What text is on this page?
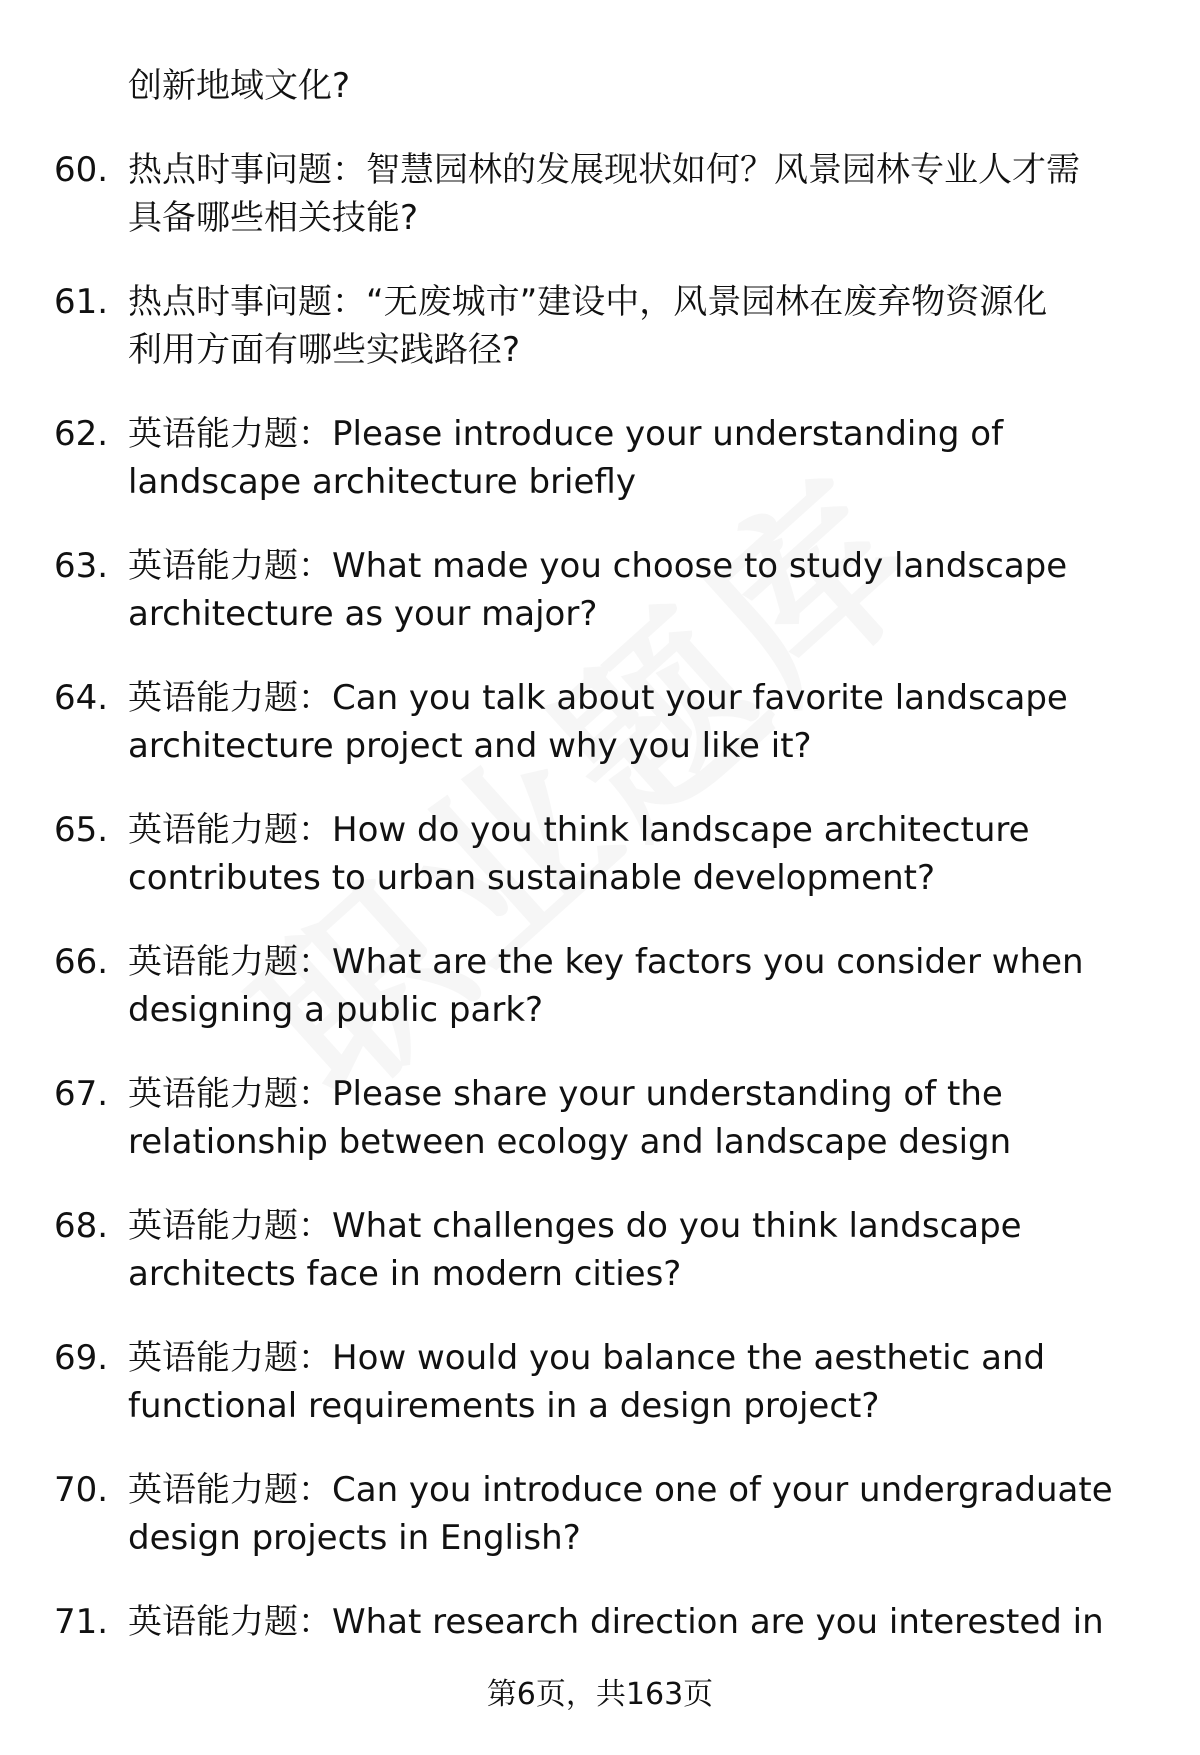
创新地域文化?
60. 热点时事问题：智慧园林的发展现状如何？风景园林专业人才需
具备哪些相关技能?
61. 热点时事问题：“无废城市”建设中，风景园林在废弃物资源化
利用方面有哪些实践路径?
62. 英语能力题：Please introduce your understanding of
landscape architecture briefly
63. 英语能力题：What made you choose to study landscape
architecture as your major?
64. 英语能力题：Can you talk about your favorite landscape
architecture project and why you like it?
65. 英语能力题：How do you think landscape architecture
contributes to urban sustainable development?
66. 英语能力题：What are the key factors you consider when
designing a public park?
67. 英语能力题：Please share your understanding of the
relationship between ecology and landscape design
68. 英语能力题：What challenges do you think landscape
architects face in modern cities?
69. 英语能力题：How would you balance the aesthetic and
functional requirements in a design project?
70. 英语能力题：Can you introduce one of your undergraduate
design projects in English?
71. 英语能力题：What research direction are you interested in
第6页，共163页
